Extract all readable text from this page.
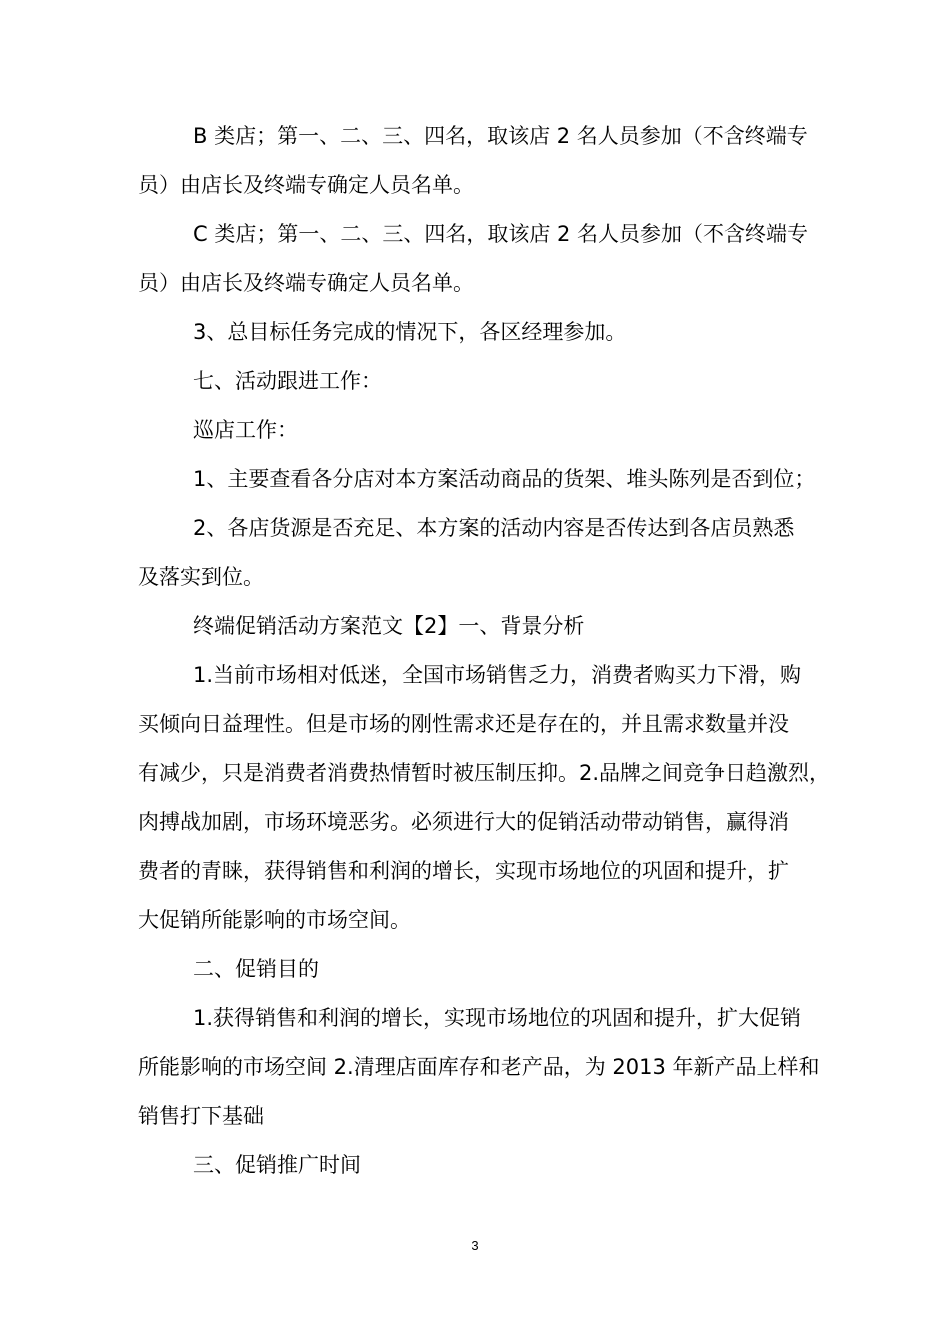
B 类店；第一、二、三、四名，取该店 2 名人员参加（不含终端专
员）由店长及终端专确定人员名单。
C 类店；第一、二、三、四名，取该店 2 名人员参加（不含终端专
员）由店长及终端专确定人员名单。
3、总目标任务完成的情况下，各区经理参加。
七、活动跟进工作：
巡店工作：
1、主要查看各分店对本方案活动商品的货架、堆头陈列是否到位；
2、各店货源是否充足、本方案的活动内容是否传达到各店员熟悉
及落实到位。
终端促销活动方案范文【2】一、背景分析
1.当前市场相对低迷，全国市场销售乏力，消费者购买力下滑，购
买倾向日益理性。但是市场的刚性需求还是存在的，并且需求数量并没
有减少，只是消费者消费热情暂时被压制压抑。2.品牌之间竞争日趋激烈，
肉搏战加剧，市场环境恶劣。必须进行大的促销活动带动销售，赢得消
费者的青睐，获得销售和利润的增长，实现市场地位的巩固和提升，扩
大促销所能影响的市场空间。
二、促销目的
1.获得销售和利润的增长，实现市场地位的巩固和提升，扩大促销
所能影响的市场空间 2.清理店面库存和老产品，为 2013 年新产品上样和
销售打下基础
三、促销推广时间
3
